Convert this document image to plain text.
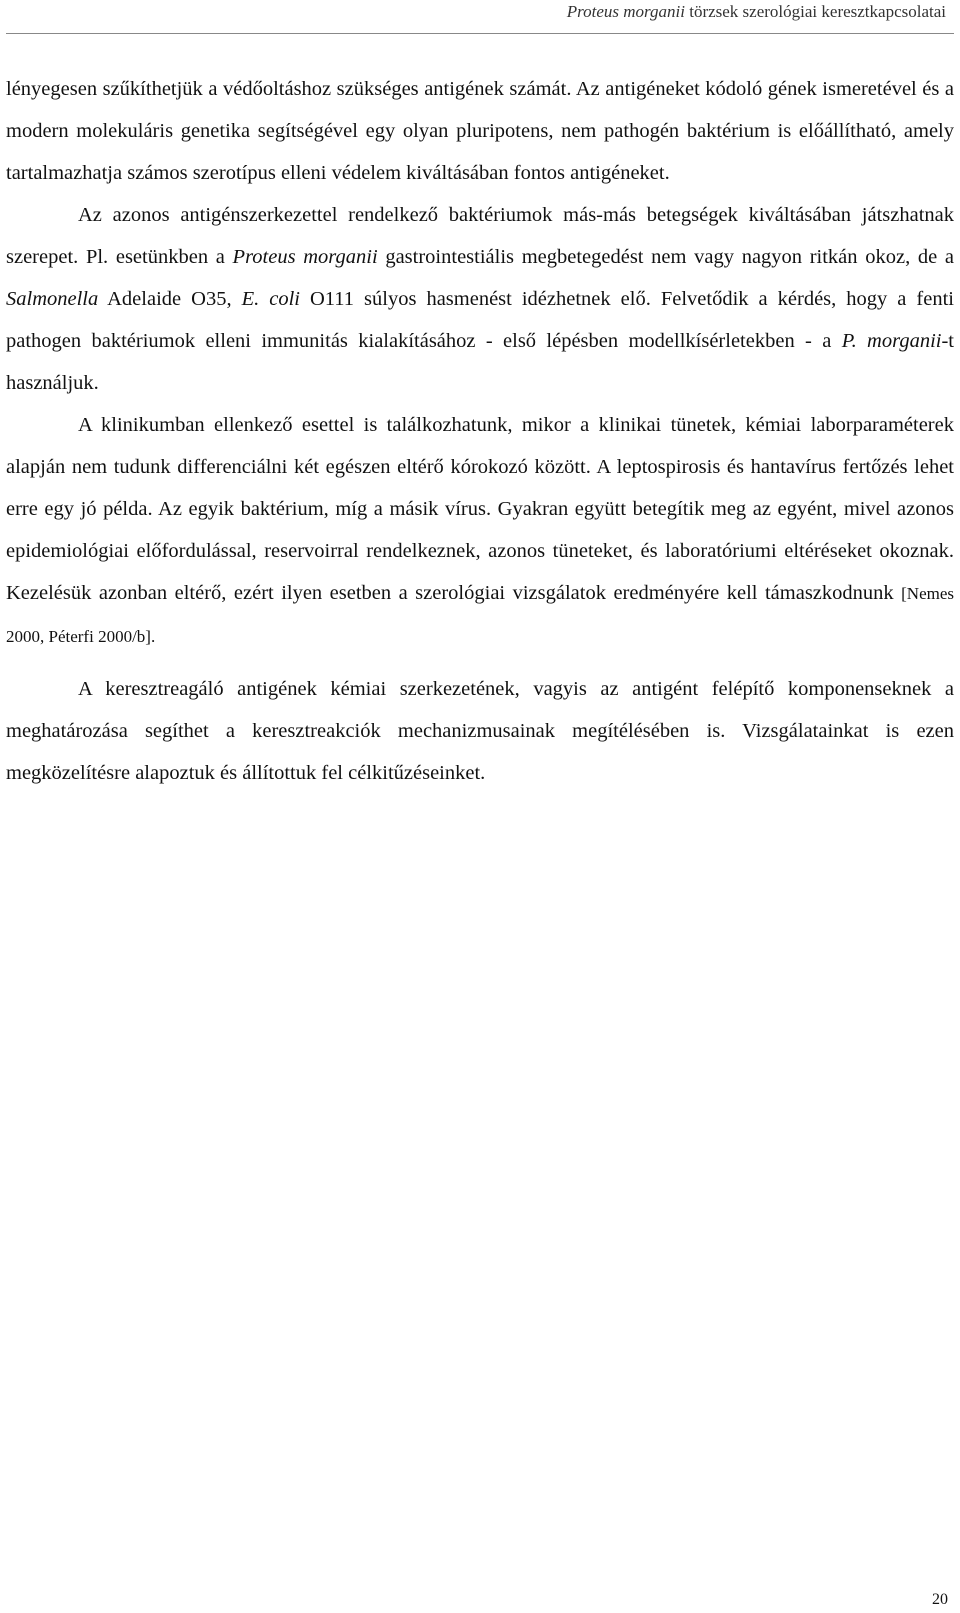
Proteus morganii törzsek szerológiai keresztkapcsolatai

lényegesen szűkíthetjük a védőoltáshoz szükséges antigének számát. Az antigéneket kódoló gének ismeretével és a modern molekuláris genetika segítségével egy olyan pluripotens, nem pathogén baktérium is előállítható, amely tartalmazhatja számos szerotípus elleni védelem kiváltásában fontos antigéneket.

Az azonos antigénszerkezettel rendelkező baktériumok más-más betegségek kiváltásában játszhatnak szerepet. Pl. esetünkben a Proteus morganii gastrointestiális megbetegedést nem vagy nagyon ritkán okoz, de a Salmonella Adelaide O35, E. coli O111 súlyos hasmenést idézhetnek elő. Felvetődik a kérdés, hogy a fenti pathogen baktériumok elleni immunitás kialakításához - első lépésben modellkísérletekben - a P. morganii-t használjuk.

A klinikumban ellenkező esettel is találkozhatunk, mikor a klinikai tünetek, kémiai laborparaméterek alapján nem tudunk differenciálni két egészen eltérő kórokozó között. A leptospirosis és hantavírus fertőzés lehet erre egy jó példa. Az egyik baktérium, míg a másik vírus. Gyakran együtt betegítik meg az egyént, mivel azonos epidemiológiai előfordulással, reservoirral rendelkeznek, azonos tüneteket, és laboratóriumi eltéréseket okoznak. Kezelésük azonban eltérő, ezért ilyen esetben a szerológiai vizsgálatok eredményére kell támaszkodnunk [Nemes 2000, Péterfi 2000/b].

A keresztreagáló antigének kémiai szerkezetének, vagyis az antigént felépítő komponenseknek a meghatározása segíthet a keresztreakciók mechanizmusainak megítélésében is. Vizsgálatainkat is ezen megközelítésre alapoztuk és állítottuk fel célkitűzéseinket.

20
